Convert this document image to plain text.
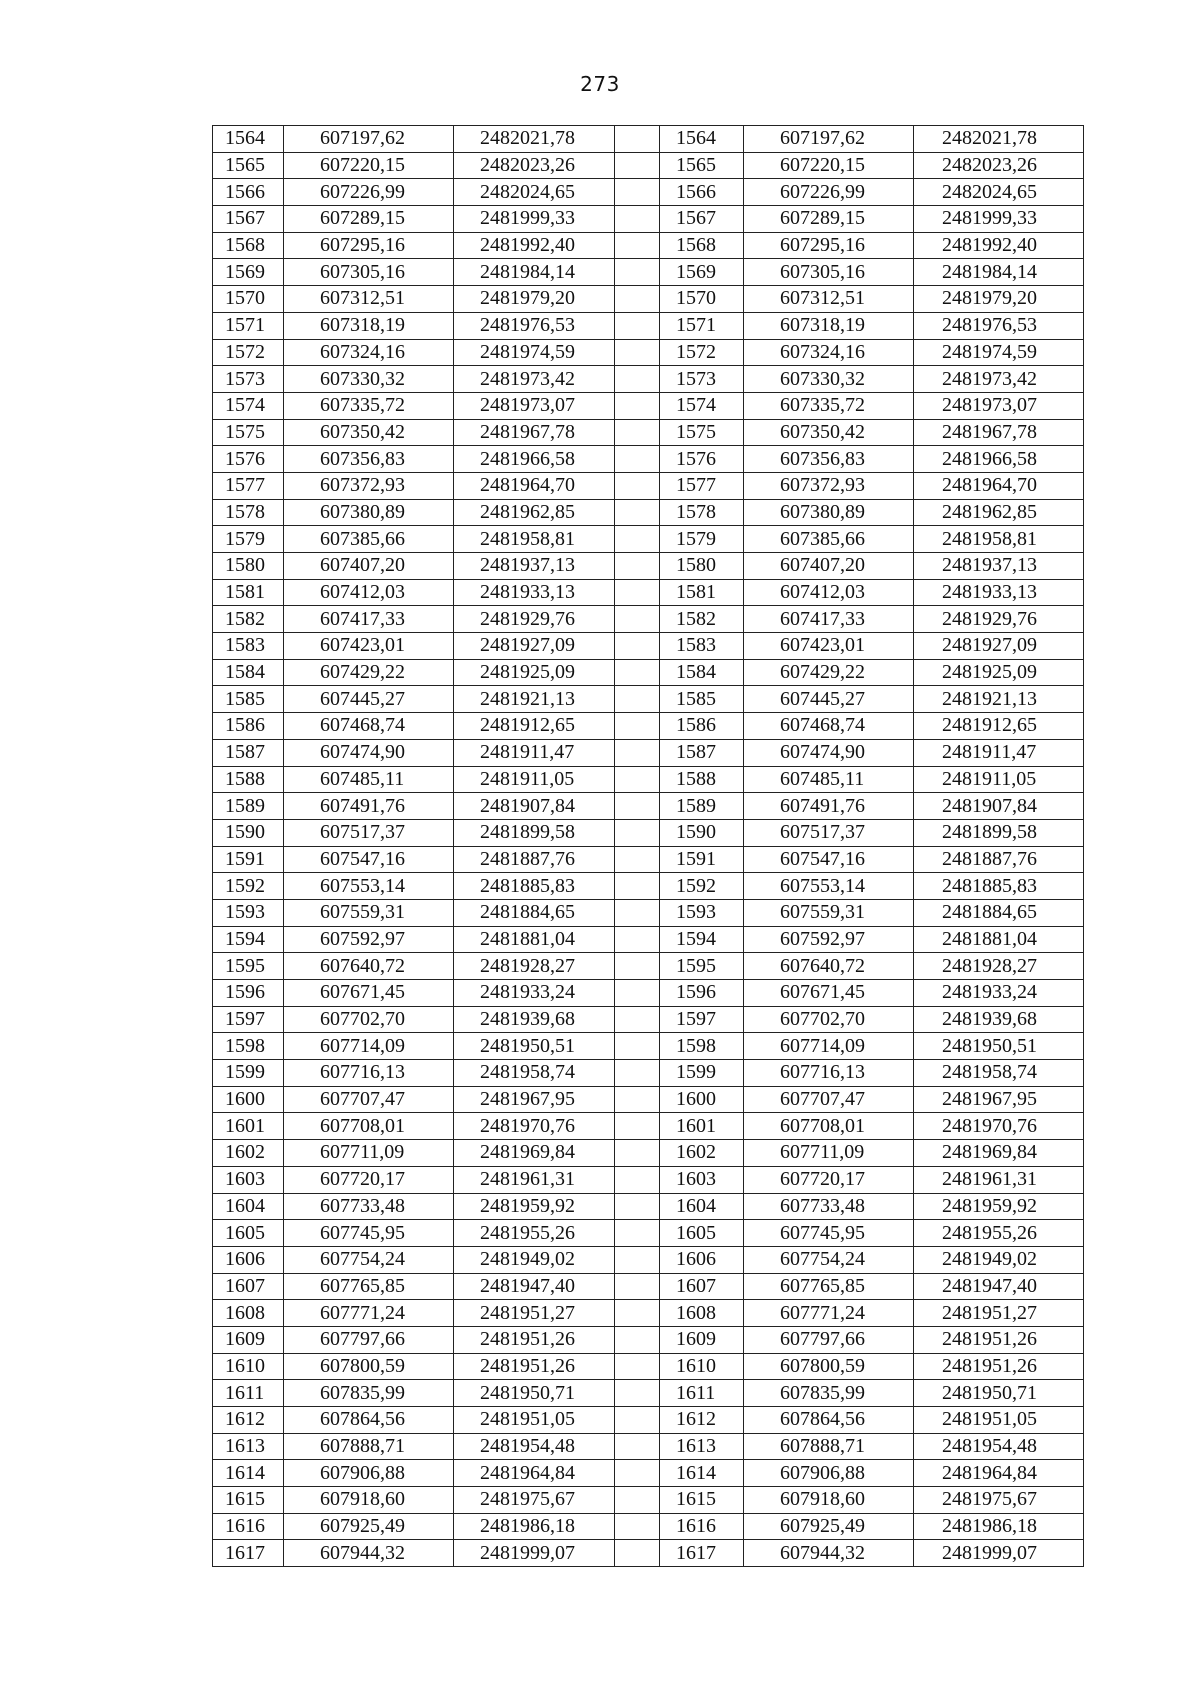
273
1564	607197,62	2482021,78		1564	607197,62	2482021,78
1565	607220,15	2482023,26		1565	607220,15	2482023,26
1566	607226,99	2482024,65		1566	607226,99	2482024,65
1567	607289,15	2481999,33		1567	607289,15	2481999,33
1568	607295,16	2481992,40		1568	607295,16	2481992,40
1569	607305,16	2481984,14		1569	607305,16	2481984,14
1570	607312,51	2481979,20		1570	607312,51	2481979,20
1571	607318,19	2481976,53		1571	607318,19	2481976,53
1572	607324,16	2481974,59		1572	607324,16	2481974,59
1573	607330,32	2481973,42		1573	607330,32	2481973,42
1574	607335,72	2481973,07		1574	607335,72	2481973,07
1575	607350,42	2481967,78		1575	607350,42	2481967,78
1576	607356,83	2481966,58		1576	607356,83	2481966,58
1577	607372,93	2481964,70		1577	607372,93	2481964,70
1578	607380,89	2481962,85		1578	607380,89	2481962,85
1579	607385,66	2481958,81		1579	607385,66	2481958,81
1580	607407,20	2481937,13		1580	607407,20	2481937,13
1581	607412,03	2481933,13		1581	607412,03	2481933,13
1582	607417,33	2481929,76		1582	607417,33	2481929,76
1583	607423,01	2481927,09		1583	607423,01	2481927,09
1584	607429,22	2481925,09		1584	607429,22	2481925,09
1585	607445,27	2481921,13		1585	607445,27	2481921,13
1586	607468,74	2481912,65		1586	607468,74	2481912,65
1587	607474,90	2481911,47		1587	607474,90	2481911,47
1588	607485,11	2481911,05		1588	607485,11	2481911,05
1589	607491,76	2481907,84		1589	607491,76	2481907,84
1590	607517,37	2481899,58		1590	607517,37	2481899,58
1591	607547,16	2481887,76		1591	607547,16	2481887,76
1592	607553,14	2481885,83		1592	607553,14	2481885,83
1593	607559,31	2481884,65		1593	607559,31	2481884,65
1594	607592,97	2481881,04		1594	607592,97	2481881,04
1595	607640,72	2481928,27		1595	607640,72	2481928,27
1596	607671,45	2481933,24		1596	607671,45	2481933,24
1597	607702,70	2481939,68		1597	607702,70	2481939,68
1598	607714,09	2481950,51		1598	607714,09	2481950,51
1599	607716,13	2481958,74		1599	607716,13	2481958,74
1600	607707,47	2481967,95		1600	607707,47	2481967,95
1601	607708,01	2481970,76		1601	607708,01	2481970,76
1602	607711,09	2481969,84		1602	607711,09	2481969,84
1603	607720,17	2481961,31		1603	607720,17	2481961,31
1604	607733,48	2481959,92		1604	607733,48	2481959,92
1605	607745,95	2481955,26		1605	607745,95	2481955,26
1606	607754,24	2481949,02		1606	607754,24	2481949,02
1607	607765,85	2481947,40		1607	607765,85	2481947,40
1608	607771,24	2481951,27		1608	607771,24	2481951,27
1609	607797,66	2481951,26		1609	607797,66	2481951,26
1610	607800,59	2481951,26		1610	607800,59	2481951,26
1611	607835,99	2481950,71		1611	607835,99	2481950,71
1612	607864,56	2481951,05		1612	607864,56	2481951,05
1613	607888,71	2481954,48		1613	607888,71	2481954,48
1614	607906,88	2481964,84		1614	607906,88	2481964,84
1615	607918,60	2481975,67		1615	607918,60	2481975,67
1616	607925,49	2481986,18		1616	607925,49	2481986,18
1617	607944,32	2481999,07		1617	607944,32	2481999,07
